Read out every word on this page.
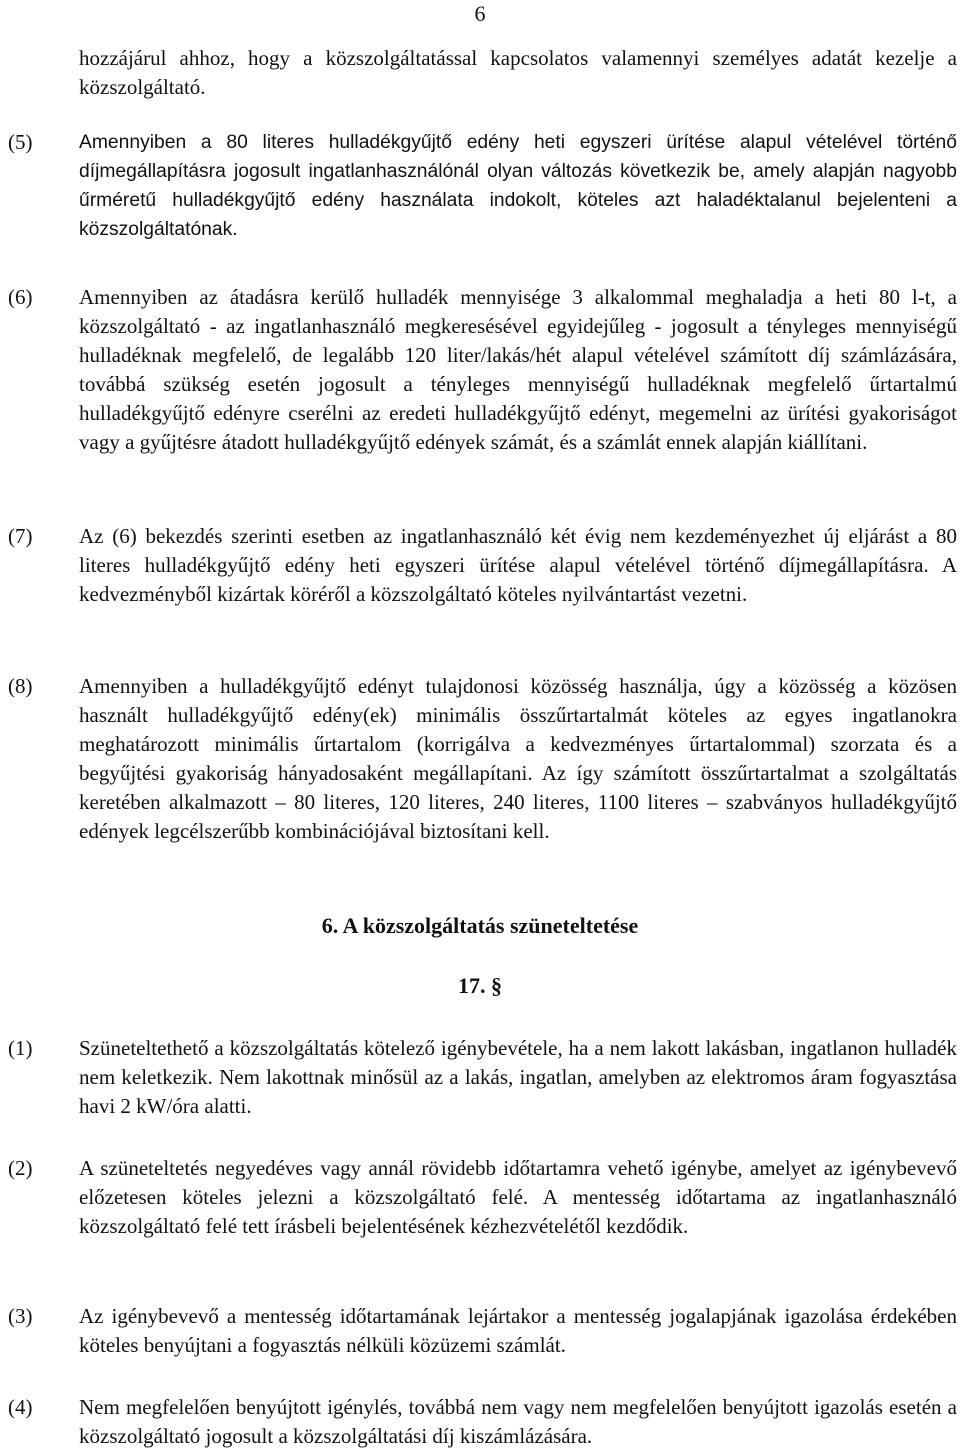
6
hozzájárul ahhoz, hogy a közszolgáltatással kapcsolatos valamennyi személyes adatát kezelje a közszolgáltató.
(5) Amennyiben a 80 literes hulladékgyűjtő edény heti egyszeri ürítése alapul vételével történő díjmegállapításra jogosult ingatlanhasználónál olyan változás következik be, amely alapján nagyobb űrméretű hulladékgyűjtő edény használata indokolt, köteles azt haladéktalanul bejelenteni a közszolgáltatónak.
(6) Amennyiben az átadásra kerülő hulladék mennyisége 3 alkalommal meghaladja a heti 80 l-t, a közszolgáltató - az ingatlanhasználó megkeresésével egyidejűleg - jogosult a tényleges mennyiségű hulladéknak megfelelő, de legalább 120 liter/lakás/hét alapul vételével számított díj számlázására, továbbá szükség esetén jogosult a tényleges mennyiségű hulladéknak megfelelő űrtartalmú hulladékgyűjtő edényre cserélni az eredeti hulladékgyűjtő edényt, megemelni az ürítési gyakoriságot vagy a gyűjtésre átadott hulladékgyűjtő edények számát, és a számlát ennek alapján kiállítani.
(7) Az (6) bekezdés szerinti esetben az ingatlanhasználó két évig nem kezdeményezhet új eljárást a 80 literes hulladékgyűjtő edény heti egyszeri ürítése alapul vételével történő díjmegállapításra. A kedvezményből kizártak köréről a közszolgáltató köteles nyilvántartást vezetni.
(8) Amennyiben a hulladékgyűjtő edényt tulajdonosi közösség használja, úgy a közösség a közösen használt hulladékgyűjtő edény(ek) minimális összűrtartalmát köteles az egyes ingatlanokra meghatározott minimális űrtartalom (korrigálva a kedvezményes űrtartalommal) szorzata és a begyűjtési gyakoriság hányadosaként megállapítani. Az így számított összűrtartalmat a szolgáltatás keretében alkalmazott – 80 literes, 120 literes, 240 literes, 1100 literes – szabványos hulladékgyűjtő edények legcélszerűbb kombinációjával biztosítani kell.
6. A közszolgáltatás szüneteltetése
17. §
(1) Szüneteltethető a közszolgáltatás kötelező igénybevétele, ha a nem lakott lakásban, ingatlanon hulladék nem keletkezik. Nem lakottnak minősül az a lakás, ingatlan, amelyben az elektromos áram fogyasztása havi 2 kW/óra alatti.
(2) A szüneteltetés negyedéves vagy annál rövidebb időtartamra vehető igénybe, amelyet az igénybevevő előzetesen köteles jelezni a közszolgáltató felé. A mentesség időtartama az ingatlanhasználó közszolgáltató felé tett írásbeli bejelentésének kézhezvételétől kezdődik.
(3) Az igénybevevő a mentesség időtartamának lejártakor a mentesség jogalapjának igazolása érdekében köteles benyújtani a fogyasztás nélküli közüzemi számlát.
(4) Nem megfelelően benyújtott igénylés, továbbá nem vagy nem megfelelően benyújtott igazolás esetén a közszolgáltató jogosult a közszolgáltatási díj kiszámlázására.
